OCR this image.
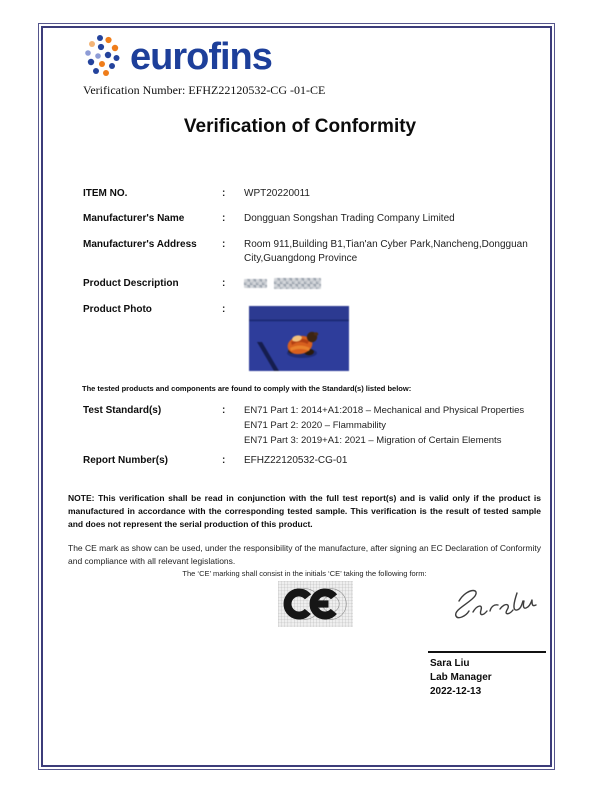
eurofins
Verification Number: EFHZ22120532-CG -01-CE
Verification of Conformity
ITEM NO.	:	WPT20220011
Manufacturer's Name	:	Dongguan Songshan Trading Company Limited
Manufacturer's Address	:	Room 911,Building B1,Tian'an Cyber Park,Nancheng,Dongguan City,Guangdong Province
Product Description	:
Product Photo	:
The tested products and components are found to comply with the Standard(s) listed below:
Test Standard(s)	:	EN71 Part 1: 2014+A1:2018 – Mechanical and Physical Properties
EN71 Part 2: 2020 – Flammability
EN71 Part 3: 2019+A1: 2021 – Migration of Certain Elements
Report Number(s)	:	EFHZ22120532-CG-01
NOTE: This verification shall be read in conjunction with the full test report(s) and is valid only if the product is manufactured in accordance with the corresponding tested sample. This verification is the result of tested sample and does not represent the serial production of this product.
The CE mark as show can be used, under the responsibility of the manufacture, after signing an EC Declaration of Conformity and compliance with all relevant legislations.
The ‘CE’ marking shall consist in the initials ‘CE’ taking the following form:
Sara Liu
Lab Manager
2022-12-13
